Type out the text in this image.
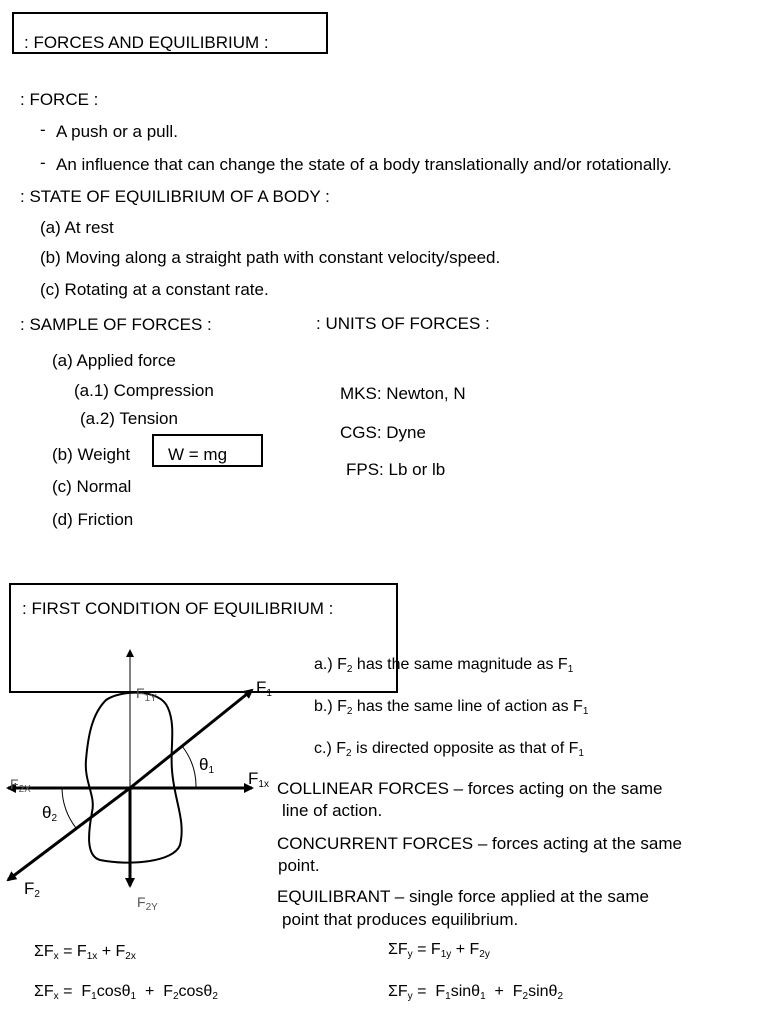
: FORCES AND EQUILIBRIUM :
: FORCE :
- A push or a pull.
- An influence that can change the state of a body translationally and/or rotationally.
: STATE OF EQUILIBRIUM OF A BODY :
(a) At rest
(b) Moving along a straight path with constant velocity/speed.
(c) Rotating at a constant rate.
: SAMPLE OF FORCES :
(a) Applied force
(a.1) Compression
(a.2) Tension
(b) Weight W = mg
(c) Normal
(d) Friction
: UNITS OF FORCES :
MKS: Newton, N
CGS: Dyne
FPS: Lb or lb
: FIRST CONDITION OF EQUILIBRIUM :
$F_{1Y}$
$F_1$
$\theta_1$ $F_{1x}$
$F_{2X}$
$\theta_2$
$F_2$	$F_{2Y}$
a.) $F_2$ has the same magnitude as $F_1$
b.) $F_2$ has the same line of action as $F_1$
c.) $F_2$ is directed opposite as that of $F_1$
COLLINEAR FORCES – forces acting on the same
line of action.
CONCURRENT FORCES – forces acting at the same
point.
EQUILIBRANT – single force applied at the same
point that produces equilibrium.
$\Sigma F_x = F_{1x} + F_{2x}$	$\Sigma F_y = F_{1y} + F_{2y}$
$\Sigma F_x = F_1\cos\theta_1 + F_2\cos\theta_2$	$\Sigma F_y = F_1\sin\theta_1 + F_2\sin\theta_2$
